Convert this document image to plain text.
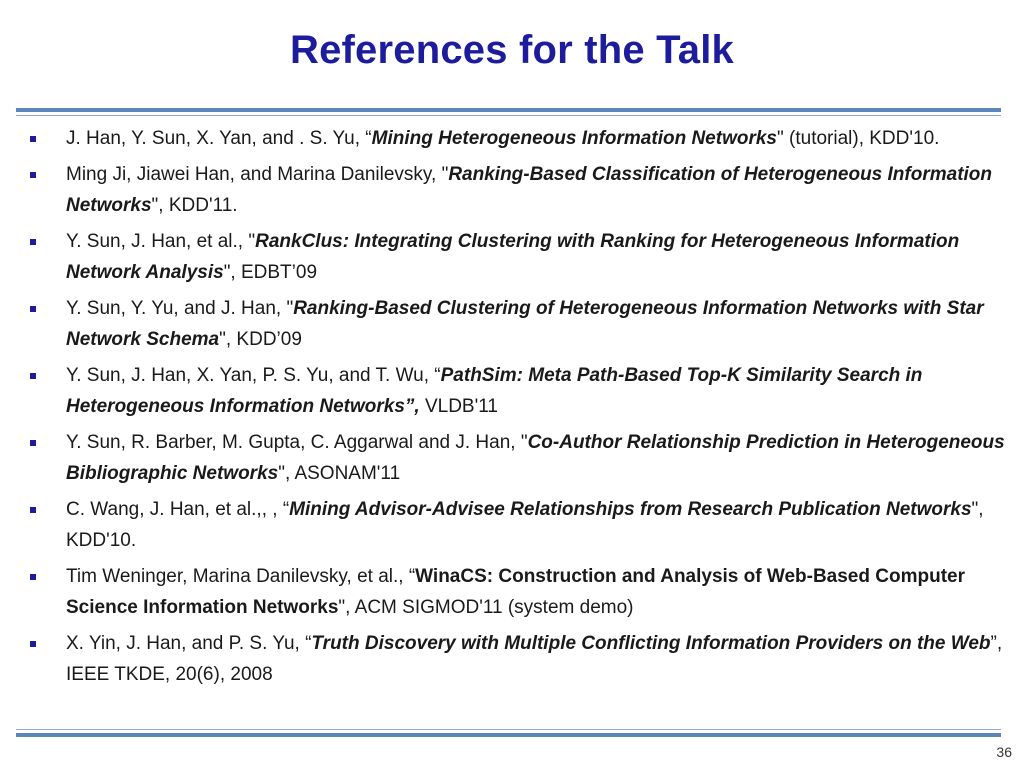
References for the Talk
J. Han, Y. Sun, X. Yan, and . S. Yu, “Mining Heterogeneous Information Networks" (tutorial), KDD'10.
Ming Ji, Jiawei Han, and Marina Danilevsky, "Ranking-Based Classification of Heterogeneous Information Networks", KDD'11.
Y. Sun, J. Han, et al., "RankClus: Integrating Clustering with Ranking for Heterogeneous Information Network Analysis", EDBT’09
Y. Sun, Y. Yu, and J. Han, "Ranking-Based Clustering of Heterogeneous Information Networks with Star Network Schema", KDD’09
Y. Sun, J. Han, X. Yan, P. S. Yu, and T. Wu, “PathSim: Meta Path-Based Top-K Similarity Search in Heterogeneous Information Networks”, VLDB'11
Y. Sun, R. Barber, M. Gupta, C. Aggarwal and J. Han, "Co-Author Relationship Prediction in Heterogeneous Bibliographic Networks", ASONAM'11
C. Wang, J. Han, et al.,, , “Mining Advisor-Advisee Relationships from Research Publication Networks", KDD'10.
Tim Weninger, Marina Danilevsky, et al., “WinaCS: Construction and Analysis of Web-Based Computer Science Information Networks", ACM SIGMOD'11 (system demo)
X. Yin, J. Han, and P. S. Yu, “Truth Discovery with Multiple Conflicting Information Providers on the Web”, IEEE TKDE, 20(6), 2008
36
